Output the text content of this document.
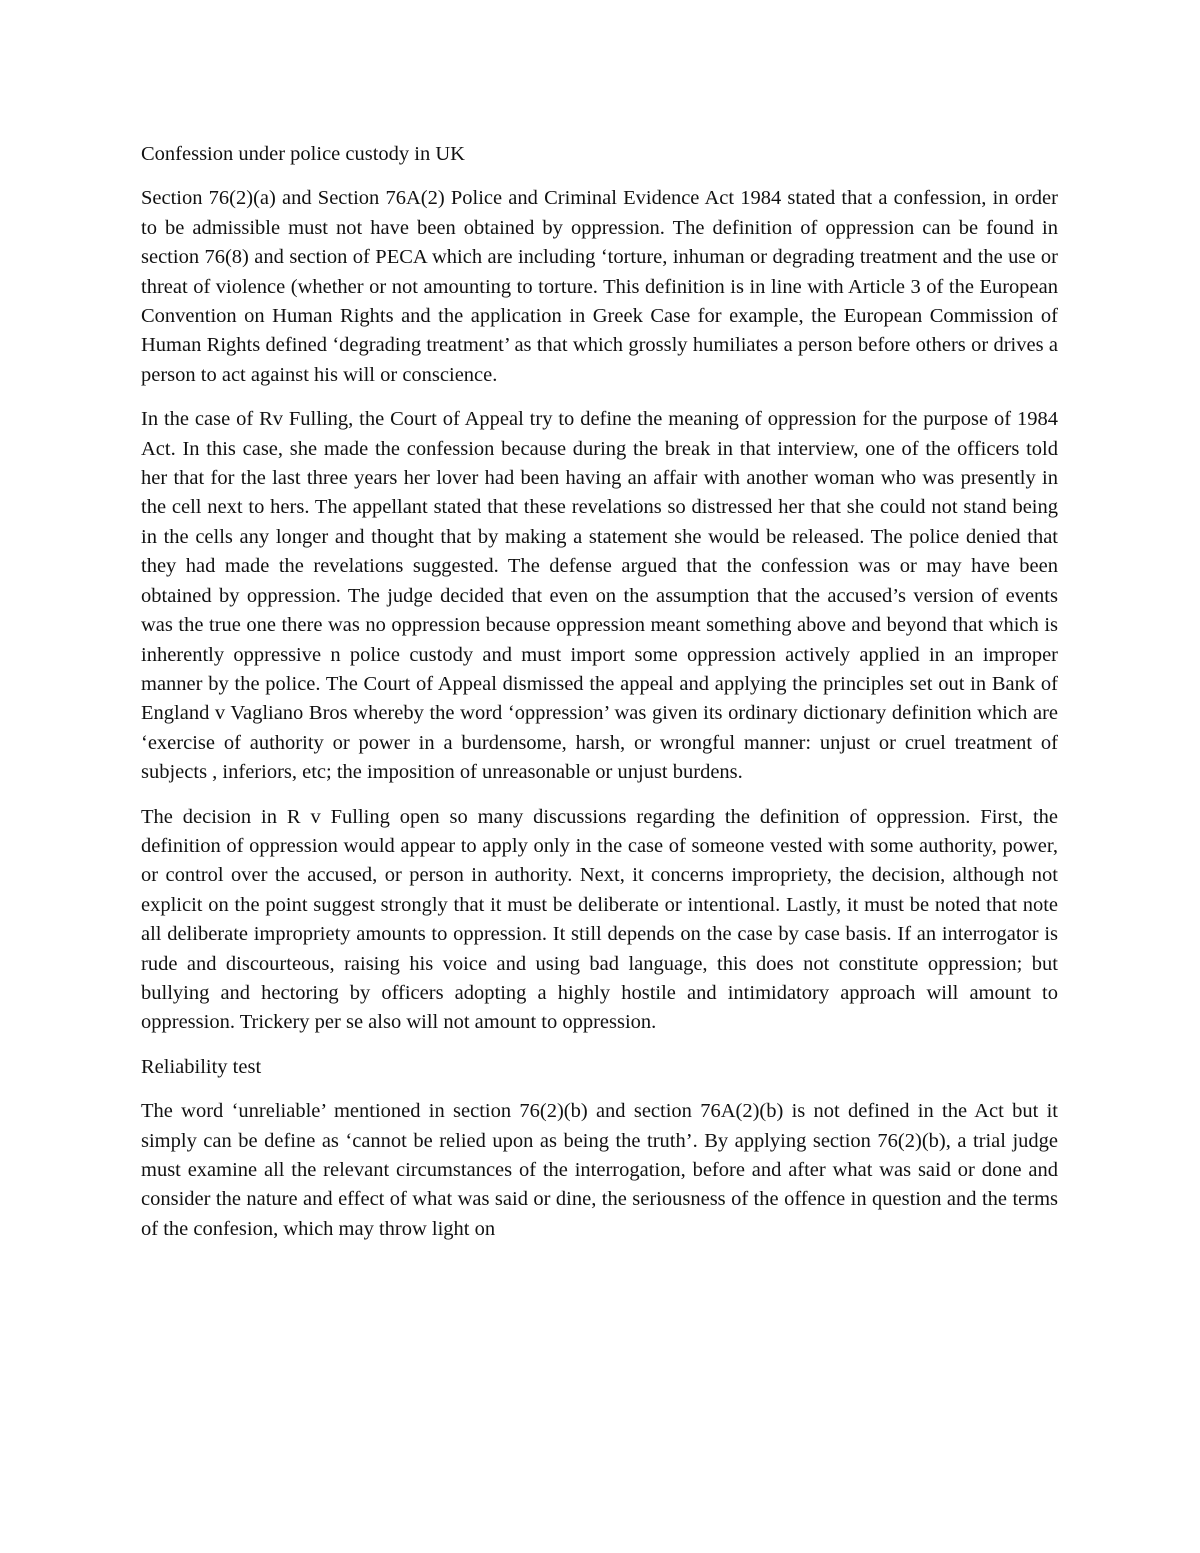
Confession under police custody in UK

Section 76(2)(a) and Section 76A(2) Police and Criminal Evidence Act 1984 stated that a confession, in order to be admissible must not have been obtained by oppression. The definition of oppression can be found in section 76(8) and section of PECA which are including ‘torture, inhuman or degrading treatment and the use or threat of violence (whether or not amounting to torture. This definition is in line with Article 3 of the European Convention on Human Rights and the application in Greek Case for example, the European Commission of Human Rights defined ‘degrading treatment’ as that which grossly humiliates a person before others or drives a person to act against his will or conscience.

In the case of Rv Fulling, the Court of Appeal try to define the meaning of oppression for the purpose of 1984 Act. In this case, she made the confession because during the break in that interview, one of the officers told her that for the last three years her lover had been having an affair with another woman who was presently in the cell next to hers. The appellant stated that these revelations so distressed her that she could not stand being in the cells any longer and thought that by making a statement she would be released. The police denied that they had made the revelations suggested. The defense argued that the confession was or may have been obtained by oppression. The judge decided that even on the assumption that the accused’s version of events was the true one there was no oppression because oppression meant something above and beyond that which is inherently oppressive n police custody and must import some oppression actively applied in an improper manner by the police. The Court of Appeal dismissed the appeal and applying the principles set out in Bank of England v Vagliano Bros whereby the word ‘oppression’ was given its ordinary dictionary definition which are ‘exercise of authority or power in a burdensome, harsh, or wrongful manner: unjust or cruel treatment of subjects , inferiors, etc; the imposition of unreasonable or unjust burdens.

The decision in R v Fulling open so many discussions regarding the definition of oppression. First, the definition of oppression would appear to apply only in the case of someone vested with some authority, power, or control over the accused, or person in authority. Next, it concerns impropriety, the decision, although not explicit on the point suggest strongly that it must be deliberate or intentional. Lastly, it must be noted that note all deliberate impropriety amounts to oppression. It still depends on the case by case basis. If an interrogator is rude and discourteous, raising his voice and using bad language, this does not constitute oppression; but bullying and hectoring by officers adopting a highly hostile and intimidatory approach will amount to oppression. Trickery per se also will not amount to oppression.

Reliability test

The word ‘unreliable’ mentioned in section 76(2)(b) and section 76A(2)(b) is not defined in the Act but it simply can be define as ‘cannot be relied upon as being the truth’. By applying section 76(2)(b), a trial judge must examine all the relevant circumstances of the interrogation, before and after what was said or done and consider the nature and effect of what was said or dine, the seriousness of the offence in question and the terms of the confesion, which may throw light on
